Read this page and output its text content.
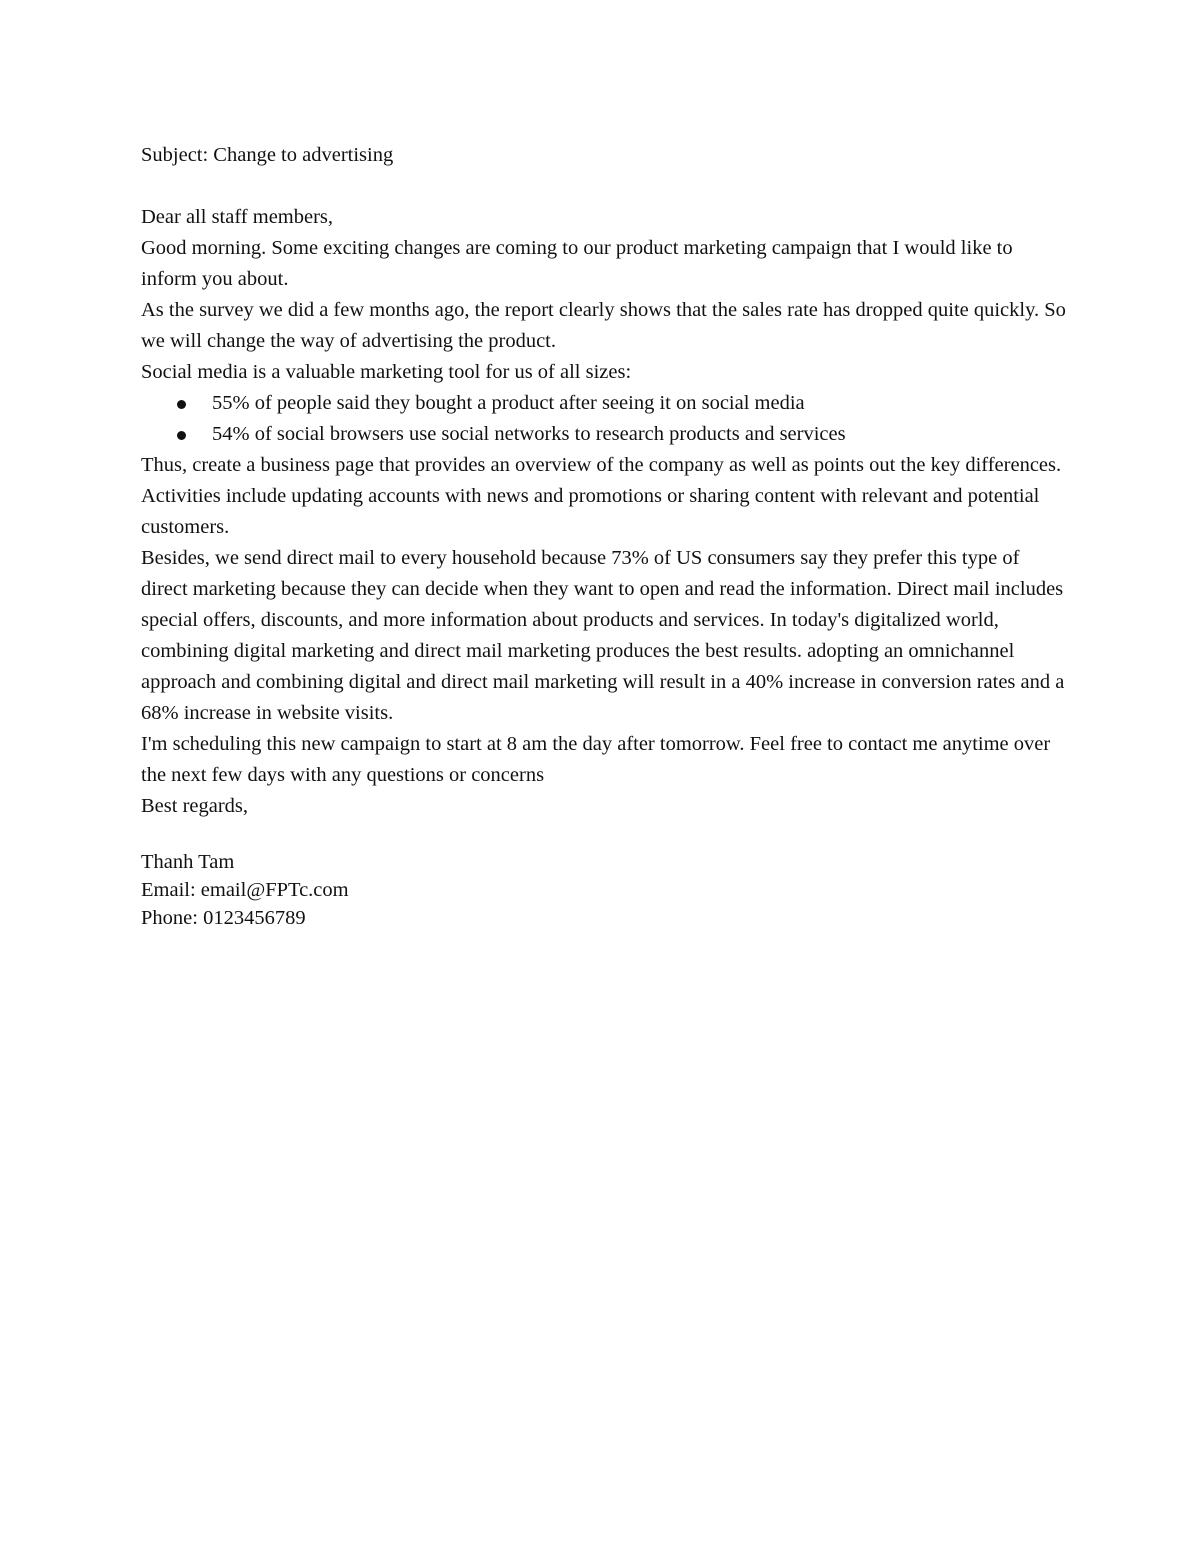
Subject: Change to advertising

Dear all staff members,

Good morning. Some exciting changes are coming to our product marketing campaign that I would like to inform you about.

As the survey we did a few months ago, the report clearly shows that the sales rate has dropped quite quickly. So we will change the way of advertising the product.

Social media is a valuable marketing tool for us of all sizes:

55% of people said they bought a product after seeing it on social media
54% of social browsers use social networks to research products and services

Thus, create a business page that provides an overview of the company as well as points out the key differences. Activities include updating accounts with news and promotions or sharing content with relevant and potential customers.

Besides, we send direct mail to every household because 73% of US consumers say they prefer this type of direct marketing because they can decide when they want to open and read the information. Direct mail includes special offers, discounts, and more information about products and services. In today's digitalized world, combining digital marketing and direct mail marketing produces the best results. adopting an omnichannel approach and combining digital and direct mail marketing will result in a 40% increase in conversion rates and a 68% increase in website visits.

I'm scheduling this new campaign to start at 8 am the day after tomorrow. Feel free to contact me anytime over the next few days with any questions or concerns

Best regards,

Thanh Tam

Email: email@FPTc.com

Phone: 0123456789
